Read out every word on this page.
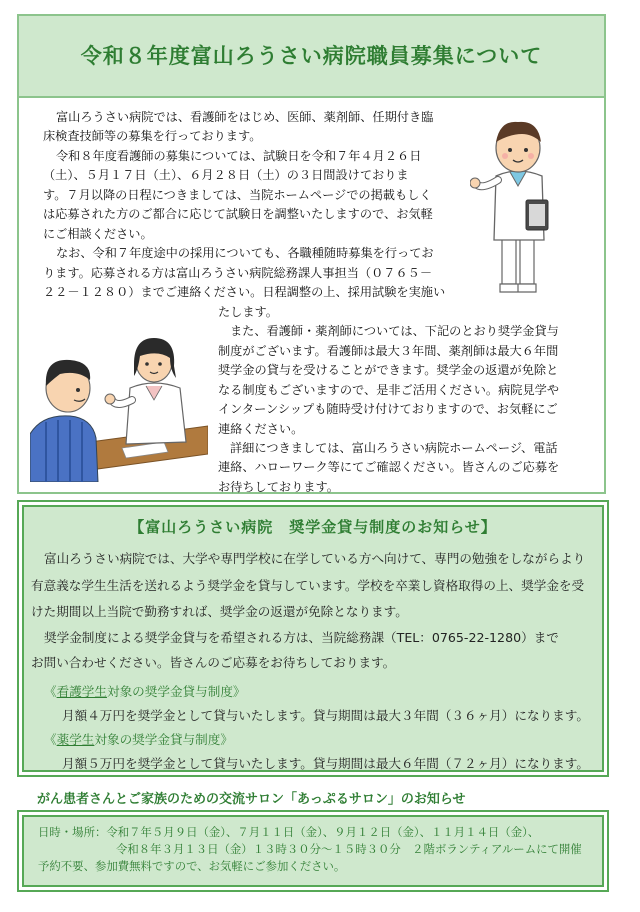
令和８年度富山ろうさい病院職員募集について
富山ろうさい病院では、看護師をはじめ、医師、薬剤師、任期付き臨
床検査技師等の募集を行っております。
令和８年度看護師の募集については、試験日を令和７年４月２６日
（土）、５月１７日（土）、６月２８日（土）の３日間設けておりま
す。７月以降の日程につきましては、当院ホームページでの掲載もしく
は応募された方のご都合に応じて試験日を調整いたしますので、お気軽
にご相談ください。
なお、令和７年度途中の採用についても、各職種随時募集を行ってお
ります。応募される方は富山ろうさい病院総務課人事担当（０７６５－
２２－１２８０）までご連絡ください。日程調整の上、採用試験を実施い
たします。
また、看護師・薬剤師については、下記のとおり奨学金貸与
制度がございます。看護師は最大３年間、薬剤師は最大６年間
奨学金の貸与を受けることができます。奨学金の返還が免除と
なる制度もございますので、是非ご活用ください。病院見学や
インターンシップも随時受け付けておりますので、お気軽にご
連絡ください。
詳細につきましては、富山ろうさい病院ホームページ、電話
連絡、ハローワーク等にてご確認ください。皆さんのご応募を
お待ちしております。
【富山ろうさい病院　奨学金貸与制度のお知らせ】
富山ろうさい病院では、大学や専門学校に在学している方へ向けて、専門の勉強をしながらより
有意義な学生生活を送れるよう奨学金を貸与しています。学校を卒業し資格取得の上、奨学金を受
けた期間以上当院で勤務すれば、奨学金の返還が免除となります。
奨学金制度による奨学金貸与を希望される方は、当院総務課（TEL：0765-22-1280）まで
お問い合わせください。皆さんのご応募をお待ちしております。
《看護学生対象の奨学金貸与制度》
月額４万円を奨学金として貸与いたします。貸与期間は最大３年間（３６ヶ月）になります。
《薬学生対象の奨学金貸与制度》
月額５万円を奨学金として貸与いたします。貸与期間は最大６年間（７２ヶ月）になります。
がん患者さんとご家族のための交流サロン「あっぷるサロン」のお知らせ
日時・場所：令和７年５月９日（金）、７月１１日（金）、９月１２日（金）、１１月１４日（金）、
令和８年３月１３日（金）１３時３０分～１５時３０分　２階ボランティアルームにて開催
予約不要、参加費無料ですので、お気軽にご参加ください。
